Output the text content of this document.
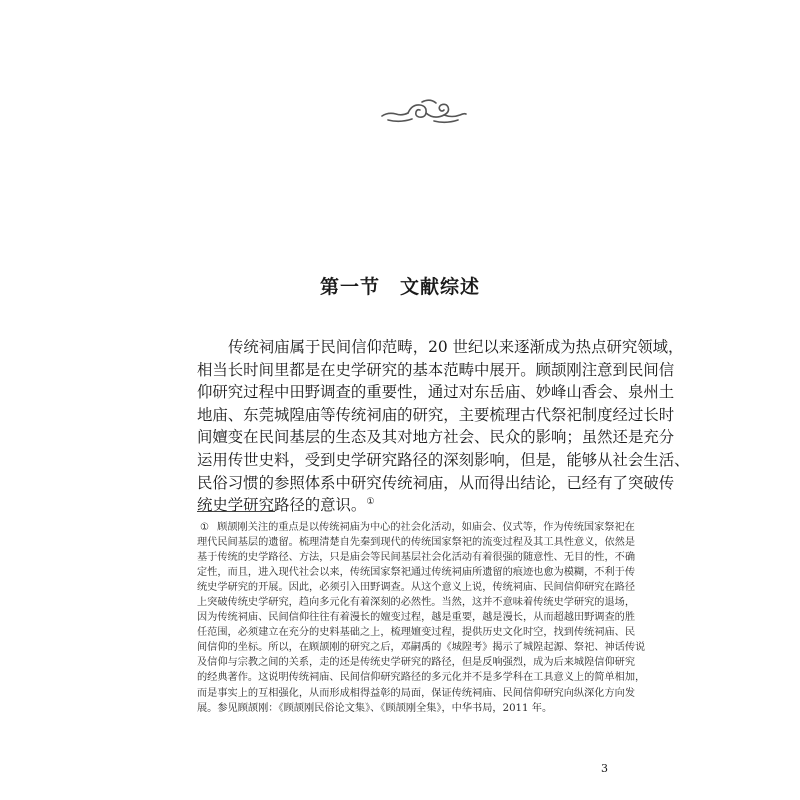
第一节　文献综述
传统祠庙属于民间信仰范畴，20 世纪以来逐渐成为热点研究领域，
相当长时间里都是在史学研究的基本范畴中展开。顾颉刚注意到民间信
仰研究过程中田野调查的重要性，通过对东岳庙、妙峰山香会、泉州土
地庙、东莞城隍庙等传统祠庙的研究，主要梳理古代祭祀制度经过长时
间嬗变在民间基层的生态及其对地方社会、民众的影响；虽然还是充分
运用传世史料，受到史学研究路径的深刻影响，但是，能够从社会生活、
民俗习惯的参照体系中研究传统祠庙，从而得出结论，已经有了突破传
统史学研究路径的意识。①
① 顾颉刚关注的重点是以传统祠庙为中心的社会化活动，如庙会、仪式等，作为传统国家祭祀在
理代民间基层的遗留。梳理清楚自先秦到现代的传统国家祭祀的流变过程及其工具性意义，依然是
基于传统的史学路径、方法，只是庙会等民间基层社会化活动有着很强的随意性、无目的性，不确
定性，而且，进入现代社会以来，传统国家祭祀通过传统祠庙所遗留的痕迹也愈为模糊，不利于传
统史学研究的开展。因此，必须引入田野调查。从这个意义上说，传统祠庙、民间信仰研究在路径
上突破传统史学研究，趋向多元化有着深刻的必然性。当然，这并不意味着传统史学研究的退场，
因为传统祠庙、民间信仰往往有着漫长的嬗变过程，越是重要，越是漫长，从而超越田野调查的胜
任范围，必须建立在充分的史料基础之上，梳理嬗变过程，提供历史文化时空，找到传统祠庙、民
间信仰的坐标。所以，在顾颉刚的研究之后，邓嗣禹的《城隍考》揭示了城隍起源、祭祀、神话传说
及信仰与宗教之间的关系，走的还是传统史学研究的路径，但是反响强烈，成为后来城隍信仰研究
的经典著作。这说明传统祠庙、民间信仰研究路径的多元化并不是多学科在工具意义上的简单相加，
而是事实上的互相强化，从而形成相得益彰的局面，保证传统祠庙、民间信仰研究向纵深化方向发
展。参见顾颉刚：《顾颉刚民俗论文集》、《顾颉刚全集》，中华书局，2011 年。
3
